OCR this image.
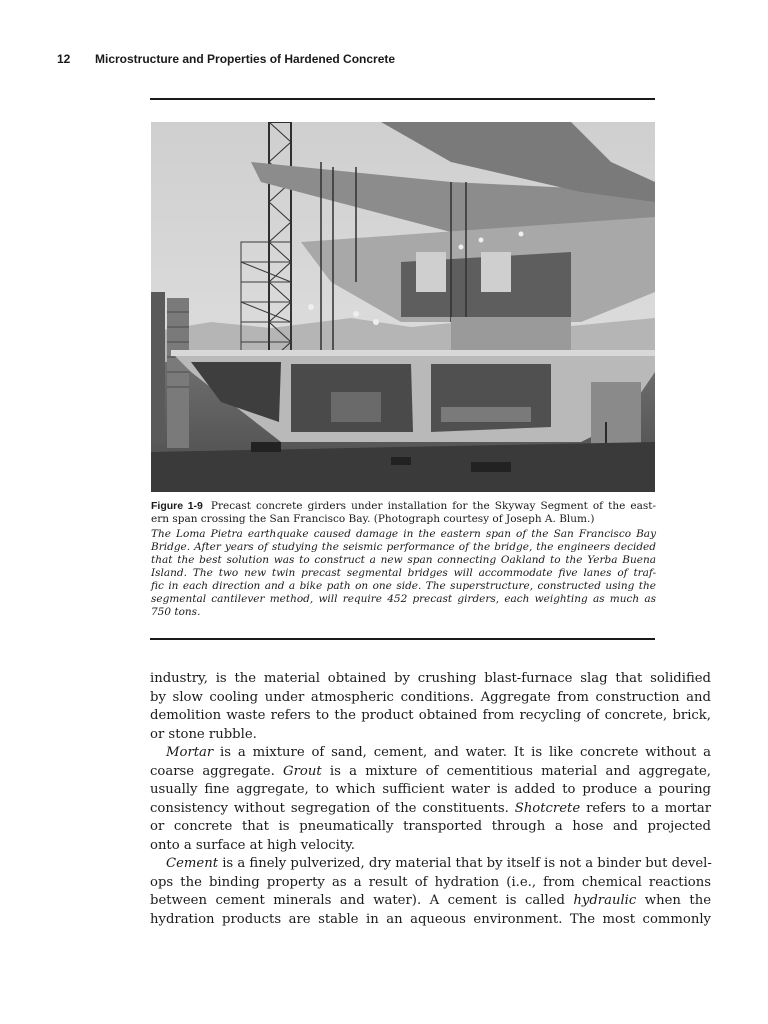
12 Microstructure and Properties of Hardened Concrete
Figure 1-9 Precast concrete girders under installation for the Skyway Segment of the east-
ern span crossing the San Francisco Bay. (Photograph courtesy of Joseph A. Blum.)
The Loma Pietra earthquake caused damage in the eastern span of the San Francisco Bay
Bridge. After years of studying the seismic performance of the bridge, the engineers decided
that the best solution was to construct a new span connecting Oakland to the Yerba Buena
Island. The two new twin precast segmental bridges will accommodate five lanes of traf-
fic in each direction and a bike path on one side. The superstructure, constructed using the
segmental cantilever method, will require 452 precast girders, each weighting as much as
750 tons.
industry, is the material obtained by crushing blast-furnace slag that solidified
by slow cooling under atmospheric conditions. Aggregate from construction and
demolition waste refers to the product obtained from recycling of concrete, brick,
or stone rubble.
Mortar is a mixture of sand, cement, and water. It is like concrete without a
coarse aggregate. Grout is a mixture of cementitious material and aggregate,
usually fine aggregate, to which sufficient water is added to produce a pouring
consistency without segregation of the constituents. Shotcrete refers to a mortar
or concrete that is pneumatically transported through a hose and projected
onto a surface at high velocity.
Cement is a finely pulverized, dry material that by itself is not a binder but devel-
ops the binding property as a result of hydration (i.e., from chemical reactions
between cement minerals and water). A cement is called hydraulic when the
hydration products are stable in an aqueous environment. The most commonly
